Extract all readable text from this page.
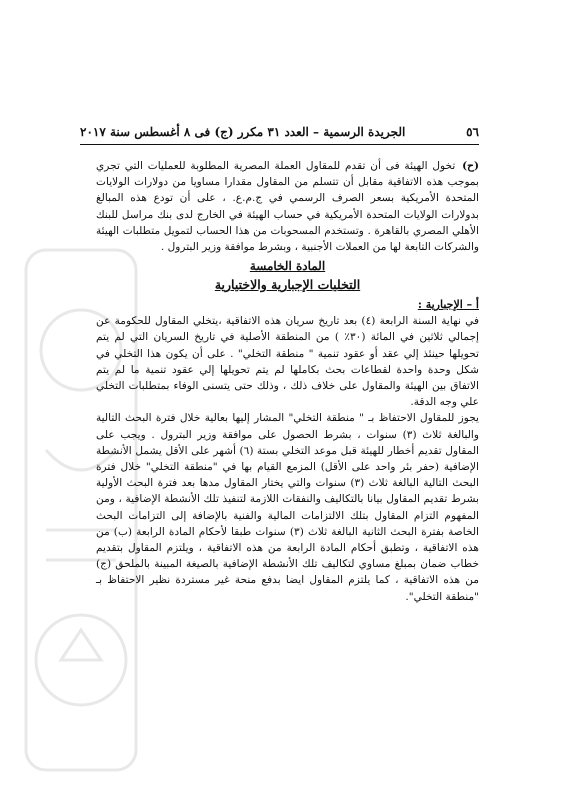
٥٦
الجريدة الرسمية – العدد ٣١ مكرر (ج) فى ٨ أغسطس سنة ٢٠١٧

(ح) تخول الهيئة فى أن تقدم للمقاول العملة المصرية المطلوبة للعمليات التي تجري بموجب هذه الاتفاقية مقابل أن تتسلم من المقاول مقدارا مساويا من دولارات الولايات المتحدة الأمريكية بسعر الصرف الرسمي في ج.م.ع. ، على أن تودع هذه المبالغ بدولارات الولايات المتحدة الأمريكية في حساب الهيئة في الخارج لدى بنك مراسل للبنك الأهلي المصري بالقاهرة . وتستخدم المسحوبات من هذا الحساب لتمويل متطلبات الهيئة والشركات التابعة لها من العملات الأجنبية ، وبشرط موافقة وزير البترول .

المادة الخامسة
التخليات الإجبارية والاختيارية
أ – الإجبارية :

في نهاية السنة الرابعة (٤) بعد تاريخ سريان هذه الاتفاقية ،يتخلي المقاول للحكومة عن إجمالي ثلاثين في المائة (٣٠٪ ) من المنطقة الأصلية في تاريخ السريان التي لم يتم تحويلها حينئذ إلي عقد أو عقود تنمية " منطقة التخلي" . على أن يكون هذا التخلي في شكل وحدة واحدة لقطاعات بحث بكاملها لم يتم تحويلها إلي عقود تنمية ما لم يتم الاتفاق بين الهيئة والمقاول على خلاف ذلك ، وذلك حتى يتسنى الوفاء بمتطلبات التخلي علي وجه الدقة.

يجوز للمقاول الاحتفاظ بـ " منطقة التخلي" المشار إليها بعالية خلال فترة البحث التالية والبالغة ثلاث (٣) سنوات ، بشرط الحصول على موافقة وزير البترول . ويجب على المقاول تقديم أخطار للهيئة قبل موعد التخلي بستة (٦) أشهر على الأقل يشمل الأنشطة الإضافية (حفر بئر واحد على الأقل) المزمع القيام بها في "منطقة التخلي" خلال فترة البحث التالية البالغة ثلاث (٣) سنوات والتي يختار المقاول مدها بعد فترة البحث الأولية بشرط تقديم المقاول بيانا بالتكاليف والنفقات اللازمة لتنفيذ تلك الأنشطة الإضافية ، ومن المفهوم التزام المقاول بتلك الالتزامات المالية والفنية بالإضافة إلى التزامات البحث الخاصة بفترة البحث الثانية البالغة ثلاث (٣) سنوات طبقا لأحكام المادة الرابعة (ب) من هذه الاتفاقية ، وتطبق أحكام المادة الرابعة من هذه الاتفاقية ، ويلتزم المقاول بتقديم خطاب ضمان بمبلغ مساوي لتكاليف تلك الأنشطة الإضافية بالصيغة المبينة بالملحق (ج) من هذه الاتفاقية ، كما يلتزم المقاول ايضا بدفع منحة غير مستردة نظير الاحتفاظ بـ "منطقة التخلي".
